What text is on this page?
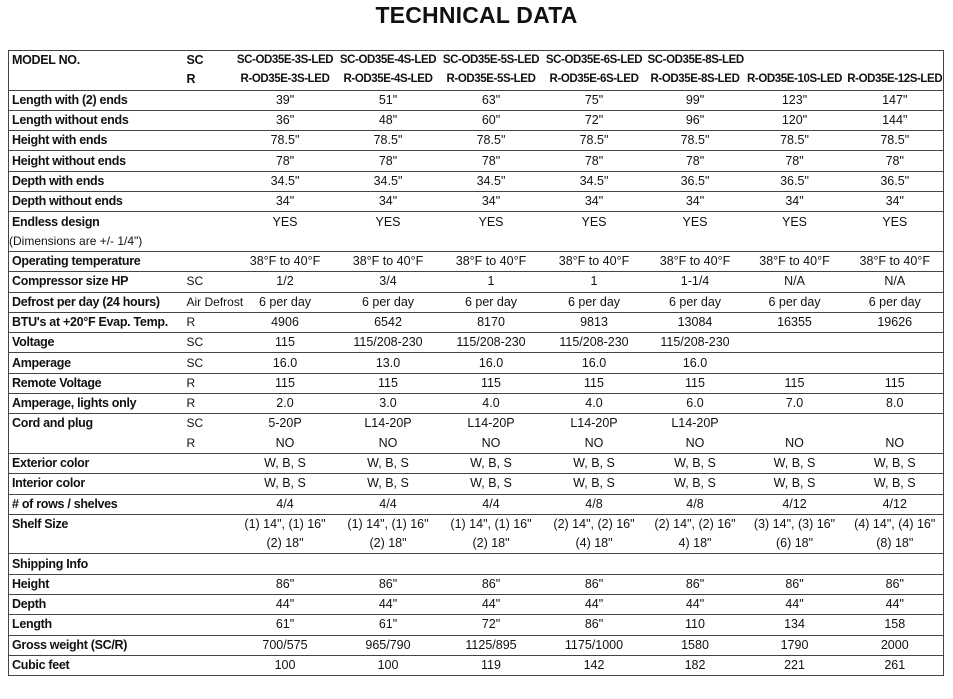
TECHNICAL DATA
MODEL NO.	SC	SC-OD35E-3S-LED	SC-OD35E-4S-LED	SC-OD35E-5S-LED	SC-OD35E-6S-LED	SC-OD35E-8S-LED		
	R	R-OD35E-3S-LED	R-OD35E-4S-LED	R-OD35E-5S-LED	R-OD35E-6S-LED	R-OD35E-8S-LED	R-OD35E-10S-LED	R-OD35E-12S-LED
Length with (2) ends		39"	51"	63"	75"	99"	123"	147"
Length without ends		36"	48"	60"	72"	96"	120"	144"
Height with ends		78.5"	78.5"	78.5"	78.5"	78.5"	78.5"	78.5"
Height without ends		78"	78"	78"	78"	78"	78"	78"
Depth with ends		34.5"	34.5"	34.5"	34.5"	36.5"	36.5"	36.5"
Depth without ends		34"	34"	34"	34"	34"	34"	34"
Endless design		YES	YES	YES	YES	YES	YES	YES
(Dimensions are +/- 1/4")								
Operating temperature		38°F to 40°F	38°F to 40°F	38°F to 40°F	38°F to 40°F	38°F to 40°F	38°F to 40°F	38°F to 40°F
Compressor size HP	SC	1/2	3/4	1	1	1-1/4	N/A	N/A
Defrost per day (24 hours)	Air Defrost	6 per day	6 per day	6 per day	6 per day	6 per day	6 per day	6 per day
BTU's at +20°F Evap. Temp.	R	4906	6542	8170	9813	13084	16355	19626
Voltage	SC	115	115/208-230	115/208-230	115/208-230	115/208-230		
Amperage	SC	16.0	13.0	16.0	16.0	16.0		
Remote Voltage	R	115	115	115	115	115	115	115
Amperage, lights only	R	2.0	3.0	4.0	4.0	6.0	7.0	8.0
Cord and plug	SC	5-20P	L14-20P	L14-20P	L14-20P	L14-20P		
	R	NO	NO	NO	NO	NO	NO	NO
Exterior color		W, B, S	W, B, S	W, B, S	W, B, S	W, B, S	W, B, S	W, B, S
Interior color		W, B, S	W, B, S	W, B, S	W, B, S	W, B, S	W, B, S	W, B, S
# of rows / shelves		4/4	4/4	4/4	4/8	4/8	4/12	4/12
Shelf Size		(1) 14", (1) 16"	(1) 14", (1) 16"	(1) 14", (1) 16"	(2) 14", (2) 16"	(2) 14", (2) 16"	(3) 14", (3) 16"	(4) 14", (4) 16"
		(2) 18"	(2) 18"	(2) 18"	(4) 18"	4) 18"	(6) 18"	(8) 18"
Shipping Info								
Height		86"	86"	86"	86"	86"	86"	86"
Depth		44"	44"	44"	44"	44"	44"	44"
Length		61"	61"	72"	86"	110	134	158
Gross weight (SC/R)		700/575	965/790	1125/895	1175/1000	1580	1790	2000
Cubic feet		100	100	119	142	182	221	261
